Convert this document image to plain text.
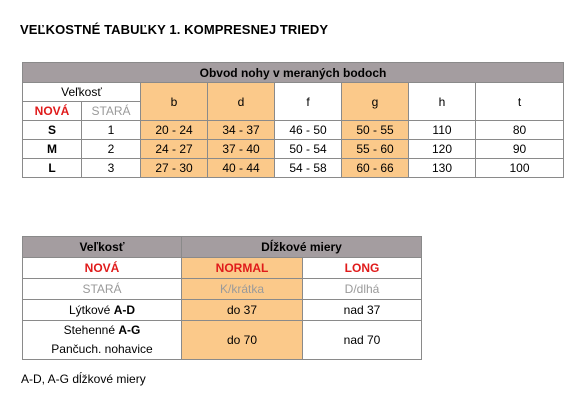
VEĽKOSTNÉ TABUĽKY 1. KOMPRESNEJ TRIEDY
Obvod nohy v meraných bodoch							
Veľkosť		b	d	f	g	h	t
NOVÁ	STARÁ						
S	1	20 - 24	34 - 37	46 - 50	50 - 55	110	80
M	2	24 - 27	37 - 40	50 - 54	55 - 60	120	90
L	3	27 - 30	40 - 44	54 - 58	60 - 66	130	100
Veľkosť	Dĺžkové miery	
NOVÁ	NORMAL	LONG
STARÁ	K/krátka	D/dlhá
Lýtkové A-D	do 37	nad 37
Stehenné A-G
Pančuch. nohavice	do 70	nad 70
A-D, A-G dĺžkové miery
